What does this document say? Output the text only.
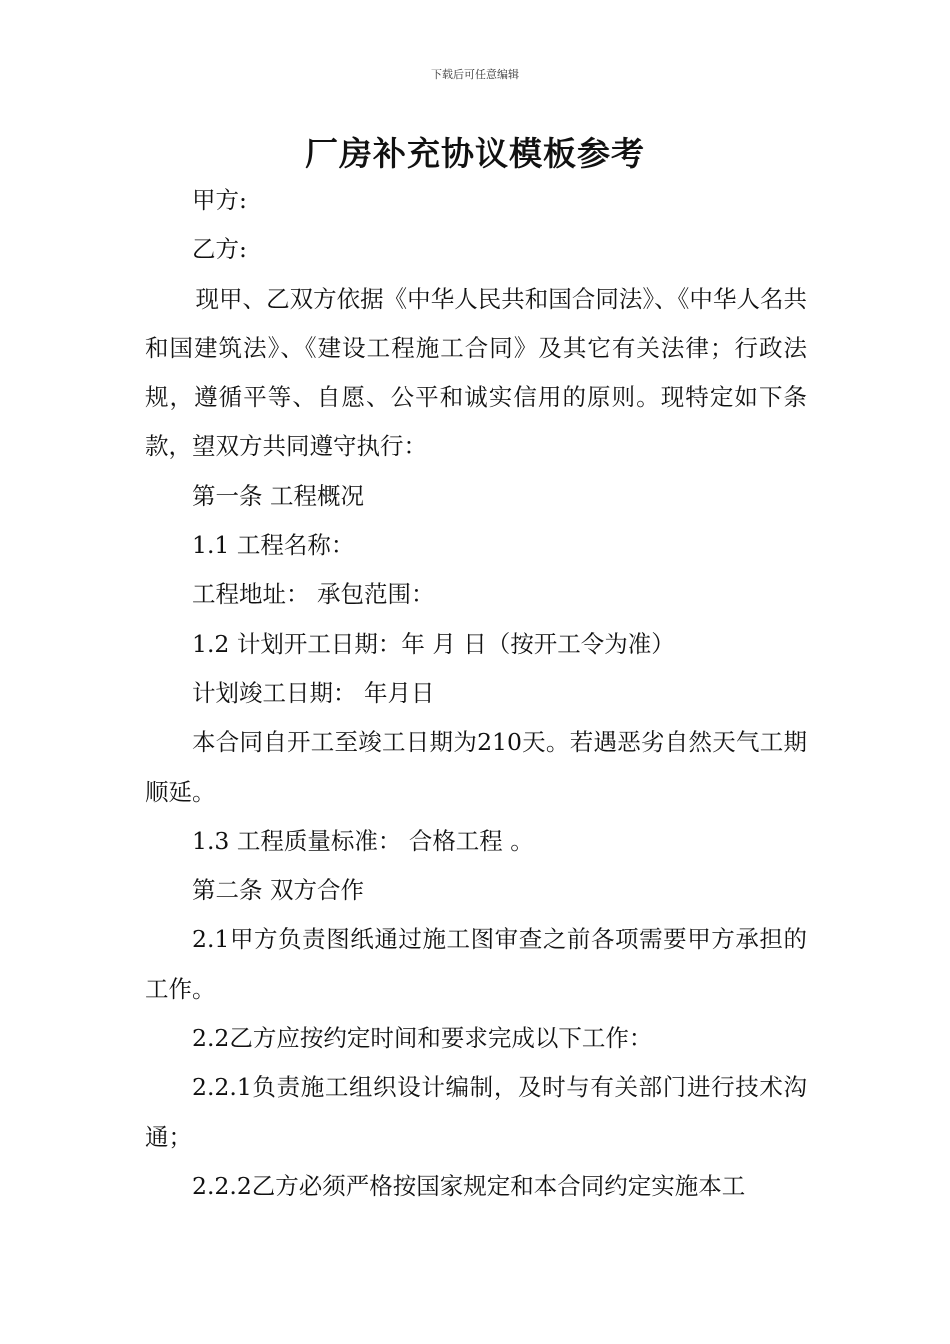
下载后可任意编辑
厂房补充协议模板参考

甲方:

乙方:

现甲、乙双方依据《中华人民共和国合同法》、《中华人名共和国建筑法》、《建设工程施工合同》及其它有关法律；行政法规，遵循平等、自愿、公平和诚实信用的原则。现特定如下条款，望双方共同遵守执行：

第一条 工程概况

1.1 工程名称：

工程地址： 承包范围：

1.2 计划开工日期：年 月 日（按开工令为准）

计划竣工日期： 年月日

本合同自开工至竣工日期为210天。若遇恶劣自然天气工期顺延。

1.3 工程质量标准： 合格工程 。

第二条 双方合作

2.1甲方负责图纸通过施工图审查之前各项需要甲方承担的工作。

2.2乙方应按约定时间和要求完成以下工作：

2.2.1负责施工组织设计编制，及时与有关部门进行技术沟通；

2.2.2乙方必须严格按国家规定和本合同约定实施本工
